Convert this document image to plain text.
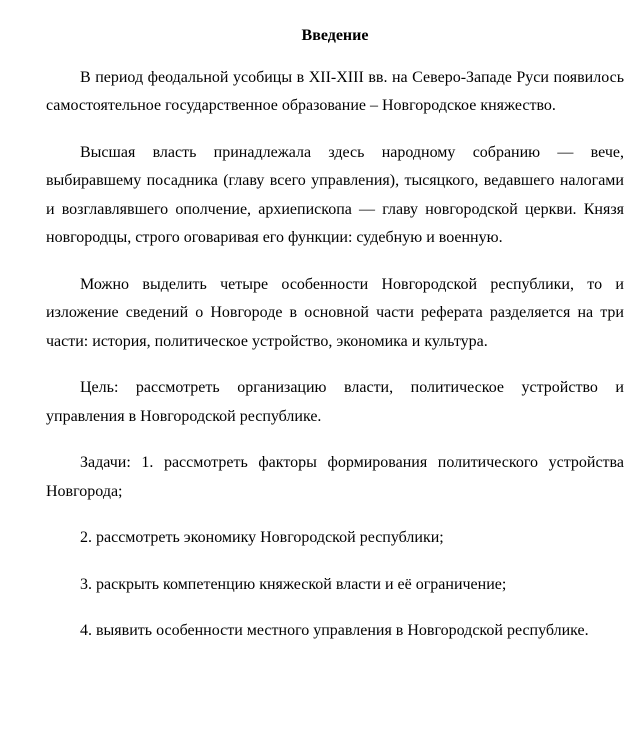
Введение

В период феодальной усобицы в XII-XIII вв. на Северо-Западе Руси появилось самостоятельное государственное образование – Новгородское княжество.

Высшая власть принадлежала здесь народному собранию — вече, выбиравшему посадника (главу всего управления), тысяцкого, ведавшего налогами и возглавлявшего ополчение, архиепископа — главу новгородской церкви. Князя новгородцы, строго оговаривая его функции: судебную и военную.

Можно выделить четыре особенности Новгородской республики, то и изложение сведений о Новгороде в основной части реферата разделяется на три части: история, политическое устройство, экономика и культура.

Цель: рассмотреть организацию власти, политическое устройство и управления в Новгородской республике.

Задачи: 1. рассмотреть факторы формирования политического устройства Новгорода;

2. рассмотреть экономику Новгородской республики;

3. раскрыть компетенцию княжеской власти и её ограничение;

4. выявить особенности местного управления в Новгородской республике.
